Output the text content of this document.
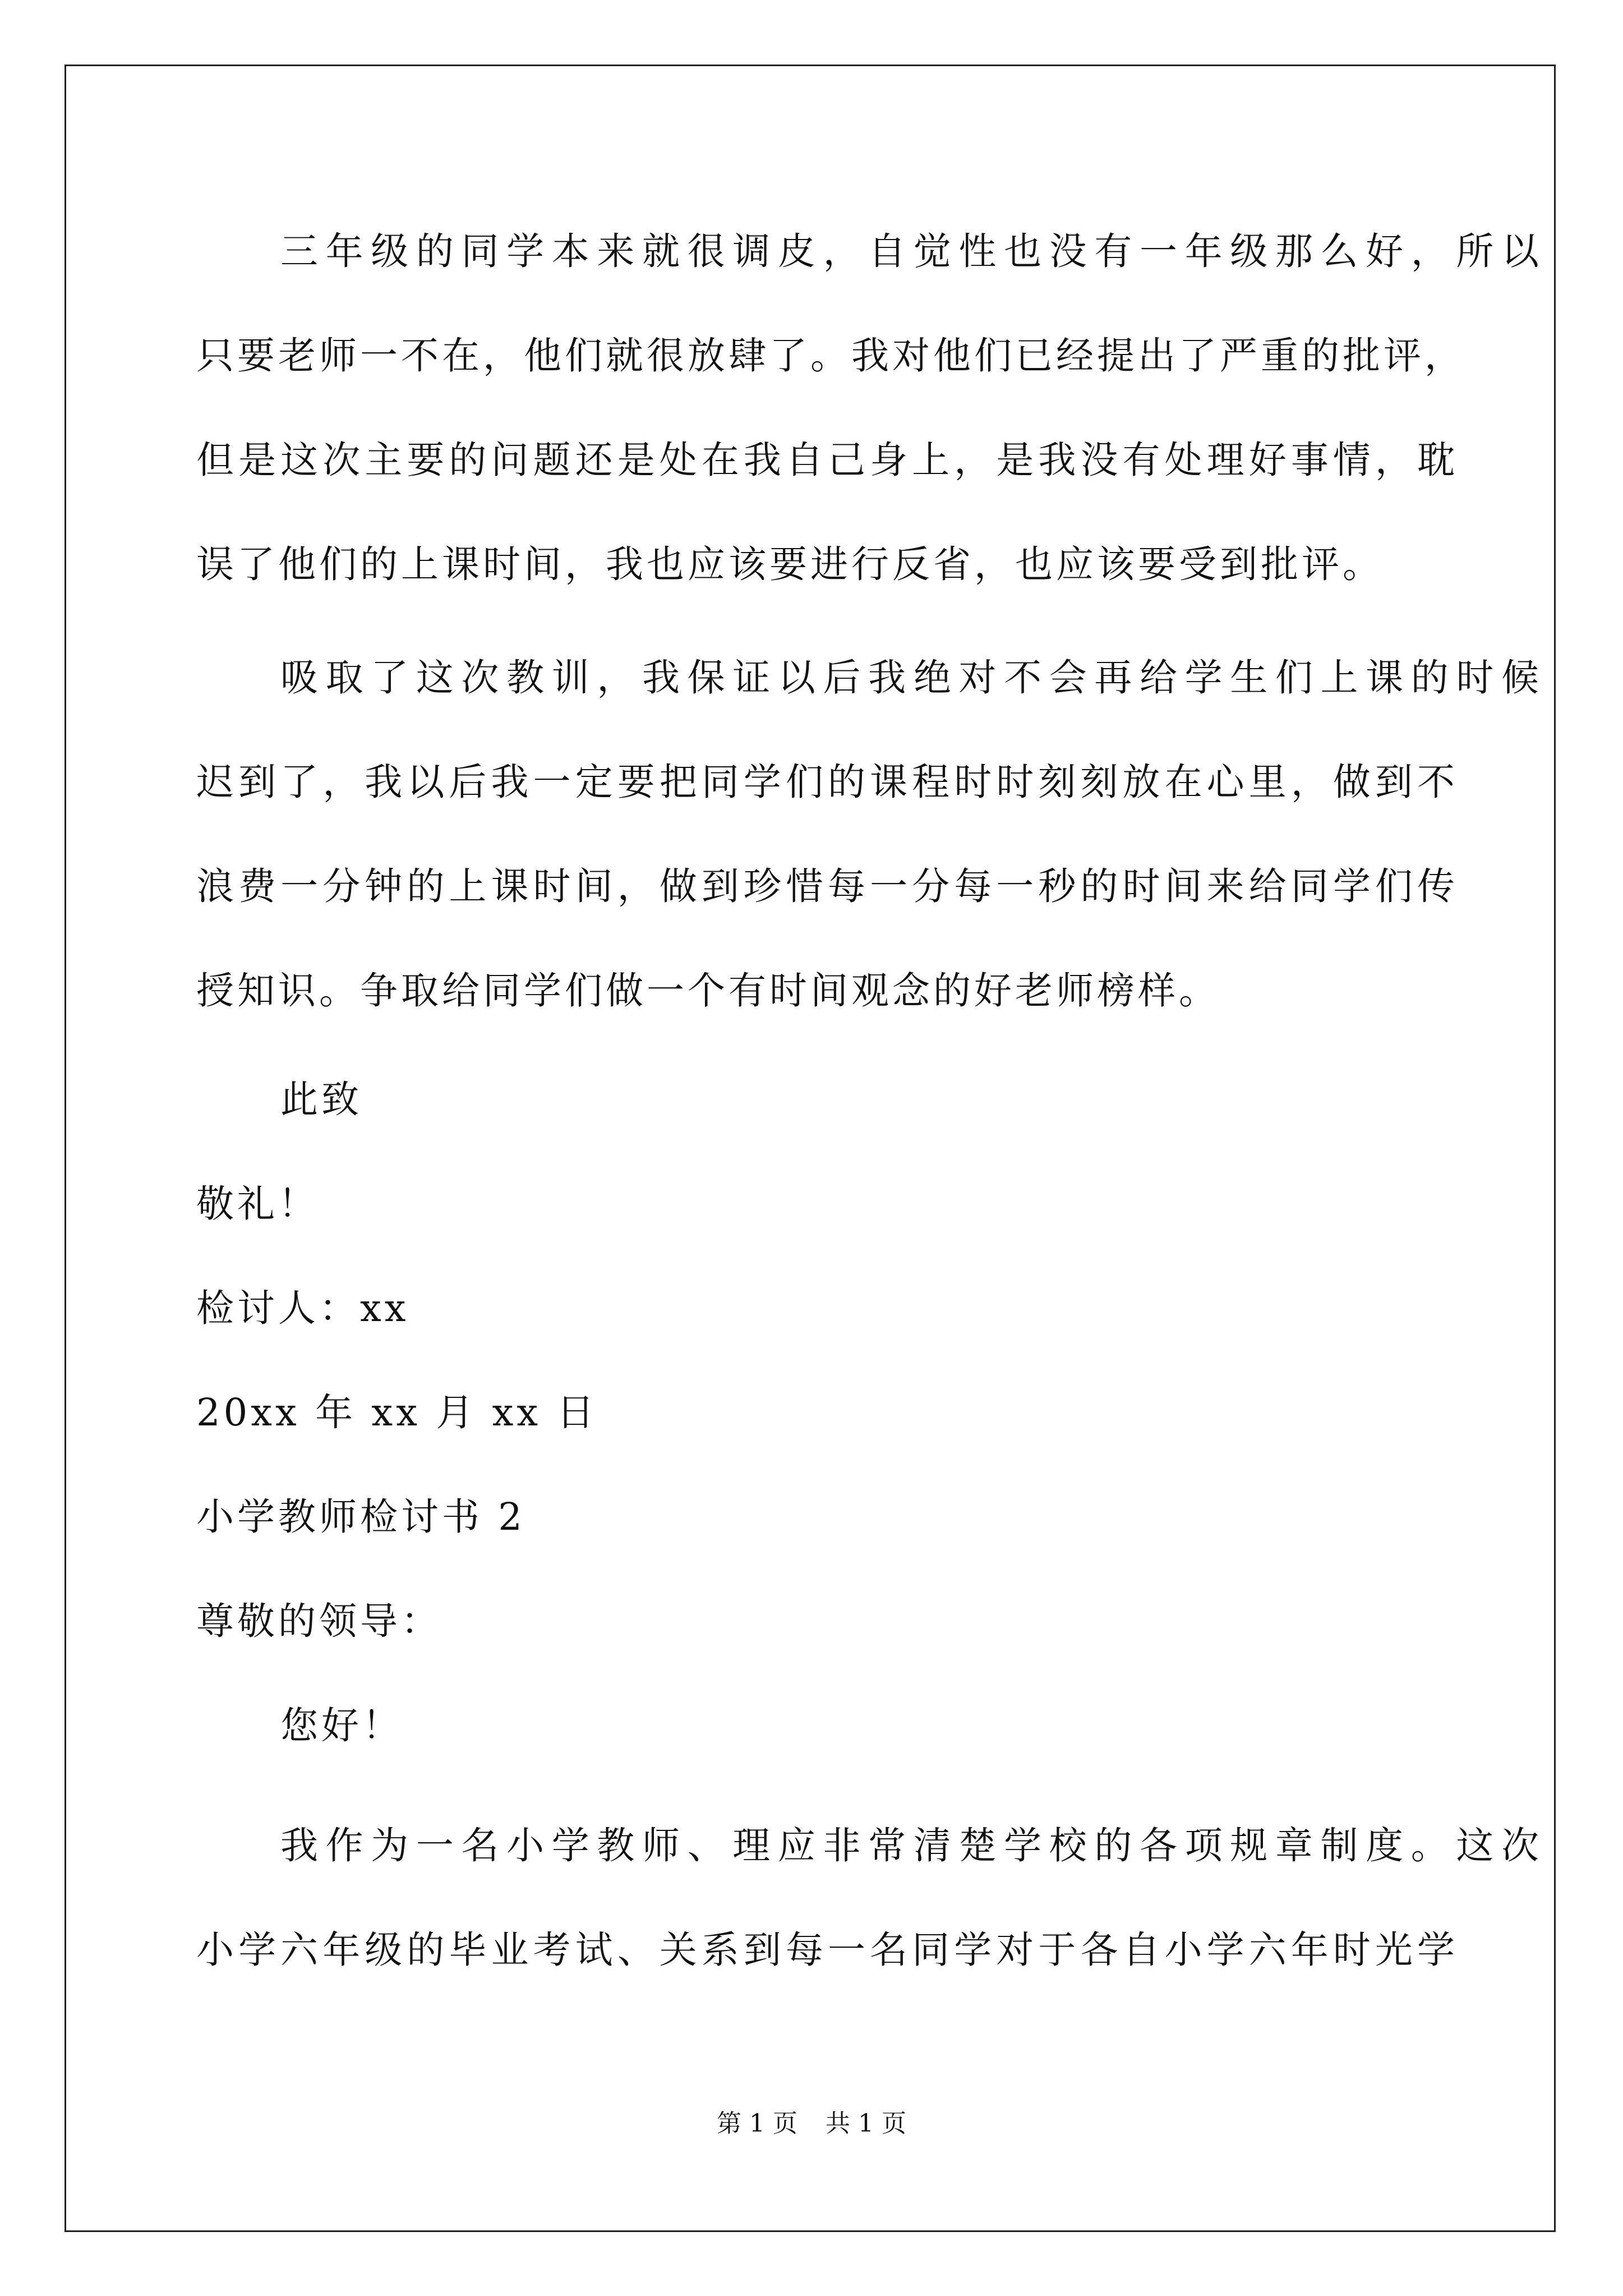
三年级的同学本来就很调皮，自觉性也没有一年级那么好，所以
只要老师一不在，他们就很放肆了。我对他们已经提出了严重的批评，
但是这次主要的问题还是处在我自己身上，是我没有处理好事情，耽
误了他们的上课时间，我也应该要进行反省，也应该要受到批评。
吸取了这次教训，我保证以后我绝对不会再给学生们上课的时候
迟到了，我以后我一定要把同学们的课程时时刻刻放在心里，做到不
浪费一分钟的上课时间，做到珍惜每一分每一秒的时间来给同学们传
授知识。争取给同学们做一个有时间观念的好老师榜样。
此致
敬礼！
检讨人：xx
20xx 年 xx 月 xx 日
小学教师检讨书 2
尊敬的领导：
您好！
我作为一名小学教师、理应非常清楚学校的各项规章制度。这次
小学六年级的毕业考试、关系到每一名同学对于各自小学六年时光学
第 1 页 共 1 页
